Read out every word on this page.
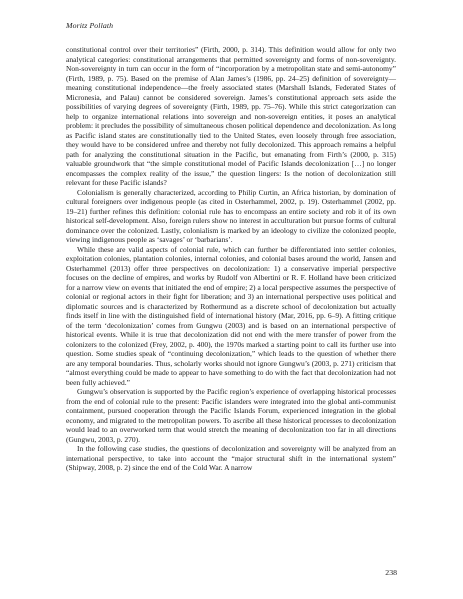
Moritz Pollath

constitutional control over their territories” (Firth, 2000, p. 314). This definition would allow for only two analytical categories: constitutional arrangements that permitted sovereignty and forms of non-sovereignty. Non-sovereignty in turn can occur in the form of “incorporation by a metropolitan state and semi-autonomy” (Firth, 1989, p. 75). Based on the premise of Alan James’s (1986, pp. 24–25) definition of sovereignty—meaning constitutional independence—the freely associated states (Marshall Islands, Federated States of Micronesia, and Palau) cannot be considered sovereign. James’s constitutional approach sets aside the possibilities of varying degrees of sovereignty (Firth, 1989, pp. 75–76). While this strict categorization can help to organize international relations into sovereign and non-sovereign entities, it poses an analytical problem: it precludes the possibility of simultaneous chosen political dependence and decolonization. As long as Pacific island states are constitutionally tied to the United States, even loosely through free association, they would have to be considered unfree and thereby not fully decolonized. This approach remains a helpful path for analyzing the constitutional situation in the Pacific, but emanating from Firth’s (2000, p. 315) valuable groundwork that “the simple constitutional model of Pacific Islands decolonization […] no longer encompasses the complex reality of the issue,” the question lingers: Is the notion of decolonization still relevant for these Pacific islands?

Colonialism is generally characterized, according to Philip Curtin, an Africa historian, by domination of cultural foreigners over indigenous people (as cited in Osterhammel, 2002, p. 19). Osterhammel (2002, pp. 19–21) further refines this definition: colonial rule has to encompass an entire society and rob it of its own historical self-development. Also, foreign rulers show no interest in acculturation but pursue forms of cultural dominance over the colonized. Lastly, colonialism is marked by an ideology to civilize the colonized people, viewing indigenous people as ‘savages’ or ‘barbarians’.

While these are valid aspects of colonial rule, which can further be differentiated into settler colonies, exploitation colonies, plantation colonies, internal colonies, and colonial bases around the world, Jansen and Osterhammel (2013) offer three perspectives on decolonization: 1) a conservative imperial perspective focuses on the decline of empires, and works by Rudolf von Albertini or R. F. Holland have been criticized for a narrow view on events that initiated the end of empire; 2) a local perspective assumes the perspective of colonial or regional actors in their fight for liberation; and 3) an international perspective uses political and diplomatic sources and is characterized by Rothermund as a discrete school of decolonization but actually finds itself in line with the distinguished field of international history (Mar, 2016, pp. 6–9). A fitting critique of the term ‘decolonization’ comes from Gungwu (2003) and is based on an international perspective of historical events. While it is true that decolonization did not end with the mere transfer of power from the colonizers to the colonized (Frey, 2002, p. 400), the 1970s marked a starting point to call its further use into question. Some studies speak of “continuing decolonization,” which leads to the question of whether there are any temporal boundaries. Thus, scholarly works should not ignore Gungwu’s (2003, p. 271) criticism that “almost everything could be made to appear to have something to do with the fact that decolonization had not been fully achieved.”

Gungwu’s observation is supported by the Pacific region’s experience of overlapping historical processes from the end of colonial rule to the present: Pacific islanders were integrated into the global anti-communist containment, pursued cooperation through the Pacific Islands Forum, experienced integration in the global economy, and migrated to the metropolitan powers. To ascribe all these historical processes to decolonization would lead to an overworked term that would stretch the meaning of decolonization too far in all directions (Gungwu, 2003, p. 270).

In the following case studies, the questions of decolonization and sovereignty will be analyzed from an international perspective, to take into account the “major structural shift in the international system” (Shipway, 2008, p. 2) since the end of the Cold War. A narrow

238
